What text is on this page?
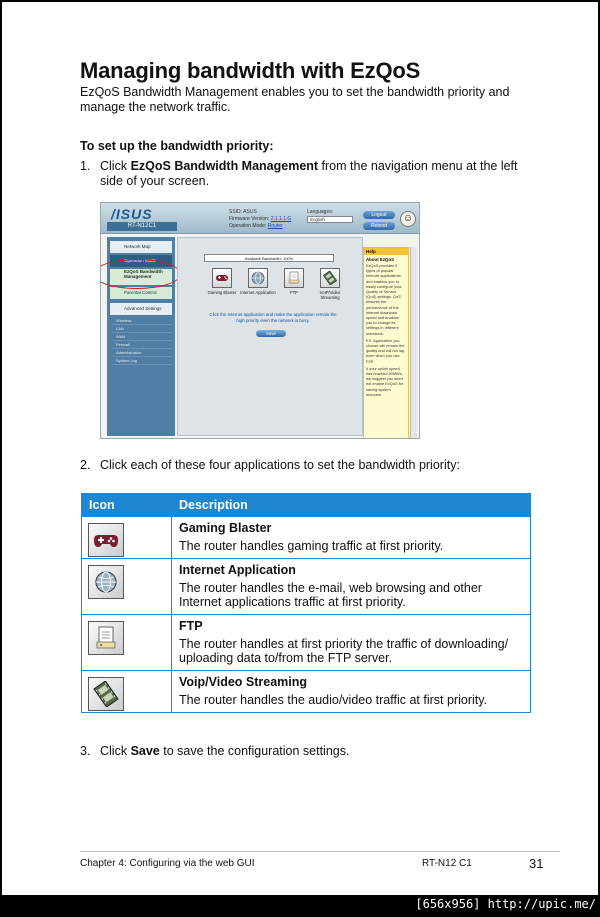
Managing bandwidth with EzQoS
EzQoS Bandwidth Management enables you to set the bandwidth priority and manage the network traffic.
To set up the bandwidth priority:
1. Click EzQoS Bandwidth Management from the navigation menu at the left side of your screen.
/ISUS
RT-N12C1
SSID: ASUS
Firmware Version: 2.1.1.1.G
Operation Mode: Router
Languages:
English
Logout
Reboot
☺
Network Map
Operation Mode
EzQoS Bandwidth Management
Parental Control
Advanced Settings
Wireless
LAN
WAN
Firewall
Administration
System Log
Available Bandwidth: 100%
Gaming Blaster Internet Application	FTP	VoIP/Video Streaming
Click the Internet application and make the application remain the high priority even the network is busy.
Save
Help
About EzQoS
EzQoS provides 4 types of popular Internet applications and enables you to easily configure your Quality of Service (QoS) settings. QoS ensures the performance of the Internet download speed and enables you to change its settings in different scenarios.
EX. Application you choose will remain the quality and will not lag even when you use P2P.
If your uplink speed has reached 40MB/s, we suggest you need not enable EzQoS for saving system resource.
2. Click each of these four applications to set the bandwidth priority:
Icon	Description
Gaming Blaster
The router handles gaming traffic at first priority.
Internet Application
The router handles the e-mail, web browsing and other Internet applications traffic at first priority.
FTP
The router handles at first priority the traffic of downloading/ uploading data to/from the FTP server.
Voip/Video Streaming
The router handles the audio/video traffic at first priority.
3. Click Save to save the configuration settings.
Chapter 4: Configuring via the web GUI	RT-N12 C1	31
[656x956] http://upic.me/
